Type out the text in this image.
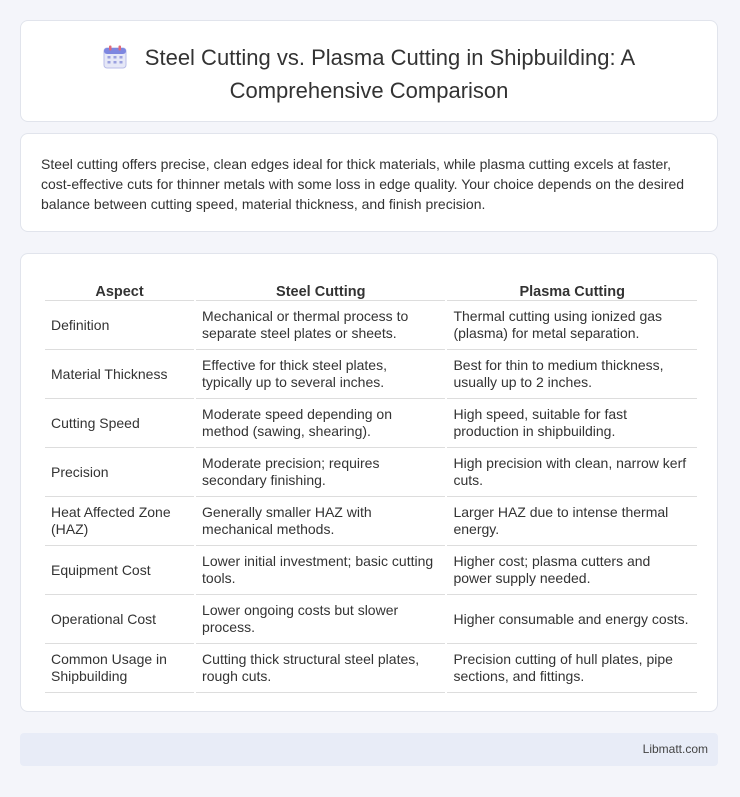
Steel Cutting vs. Plasma Cutting in Shipbuilding: A Comprehensive Comparison
Steel cutting offers precise, clean edges ideal for thick materials, while plasma cutting excels at faster, cost-effective cuts for thinner metals with some loss in edge quality. Your choice depends on the desired balance between cutting speed, material thickness, and finish precision.
Aspect	Steel Cutting	Plasma Cutting
Definition	Mechanical or thermal process to separate steel plates or sheets.	Thermal cutting using ionized gas (plasma) for metal separation.
Material Thickness	Effective for thick steel plates, typically up to several inches.	Best for thin to medium thickness, usually up to 2 inches.
Cutting Speed	Moderate speed depending on method (sawing, shearing).	High speed, suitable for fast production in shipbuilding.
Precision	Moderate precision; requires secondary finishing.	High precision with clean, narrow kerf cuts.
Heat Affected Zone (HAZ)	Generally smaller HAZ with mechanical methods.	Larger HAZ due to intense thermal energy.
Equipment Cost	Lower initial investment; basic cutting tools.	Higher cost; plasma cutters and power supply needed.
Operational Cost	Lower ongoing costs but slower process.	Higher consumable and energy costs.
Common Usage in Shipbuilding	Cutting thick structural steel plates, rough cuts.	Precision cutting of hull plates, pipe sections, and fittings.
Libmatt.com
